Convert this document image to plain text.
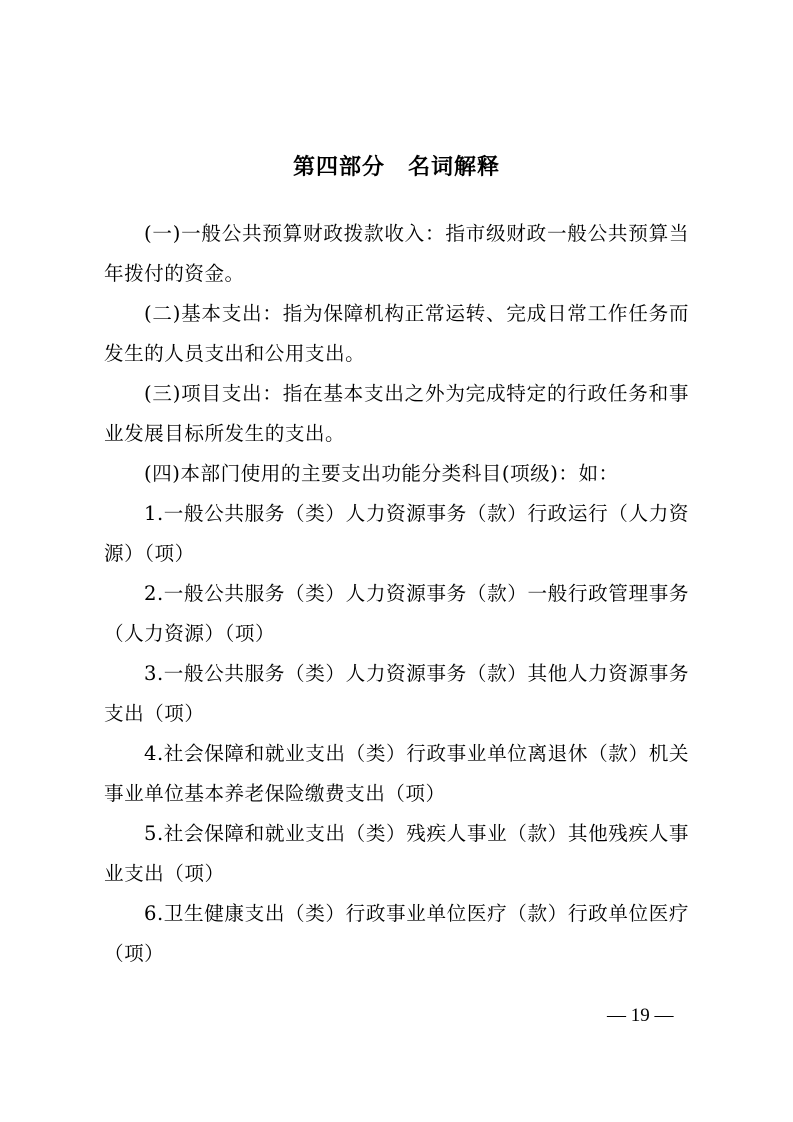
第四部分　名词解释

(一)一般公共预算财政拨款收入：指市级财政一般公共预算当年拨付的资金。

(二)基本支出：指为保障机构正常运转、完成日常工作任务而发生的人员支出和公用支出。

(三)项目支出：指在基本支出之外为完成特定的行政任务和事业发展目标所发生的支出。

(四)本部门使用的主要支出功能分类科目(项级)：如：

1.一般公共服务（类）人力资源事务（款）行政运行（人力资源）（项）

2.一般公共服务（类）人力资源事务（款）一般行政管理事务（人力资源）（项）

3.一般公共服务（类）人力资源事务（款）其他人力资源事务支出（项）

4.社会保障和就业支出（类）行政事业单位离退休（款）机关事业单位基本养老保险缴费支出（项）

5.社会保障和就业支出（类）残疾人事业（款）其他残疾人事业支出（项）

6.卫生健康支出（类）行政事业单位医疗（款）行政单位医疗（项）

— 19 —
